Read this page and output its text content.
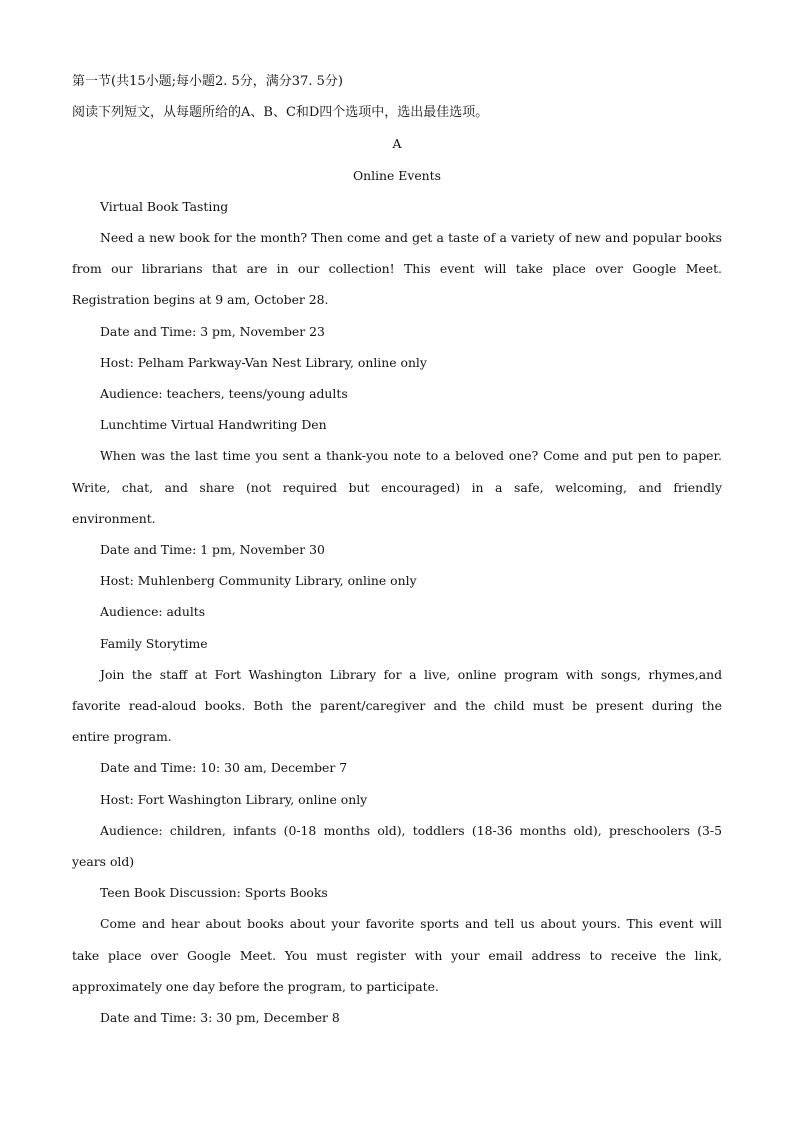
第一节(共15小题;每小题2. 5分，满分37. 5分)
阅读下列短文，从每题所给的A、B、C和D四个选项中，选出最佳选项。
A
Online Events
Virtual Book Tasting
Need a new book for the month? Then come and get a taste of a variety of new and popular books
from our librarians that are in our collection! This event will take place over Google Meet.
Registration begins at 9 am, October 28.
Date and Time: 3 pm, November 23
Host: Pelham Parkway-Van Nest Library, online only
Audience: teachers, teens/young adults
Lunchtime Virtual Handwriting Den
When was the last time you sent a thank-you note to a beloved one? Come and put pen to paper.
Write, chat, and share (not required but encouraged) in a safe, welcoming, and friendly
environment.
Date and Time: 1 pm, November 30
Host: Muhlenberg Community Library, online only
Audience: adults
Family Storytime
Join the staff at Fort Washington Library for a live, online program with songs, rhymes,and
favorite read-aloud books. Both the parent/caregiver and the child must be present during the
entire program.
Date and Time: 10: 30 am, December 7
Host: Fort Washington Library, online only
Audience: children, infants (0-18 months old), toddlers (18-36 months old), preschoolers (3-5
years old)
Teen Book Discussion: Sports Books
Come and hear about books about your favorite sports and tell us about yours. This event will
take place over Google Meet. You must register with your email address to receive the link,
approximately one day before the program, to participate.
Date and Time: 3: 30 pm, December 8
